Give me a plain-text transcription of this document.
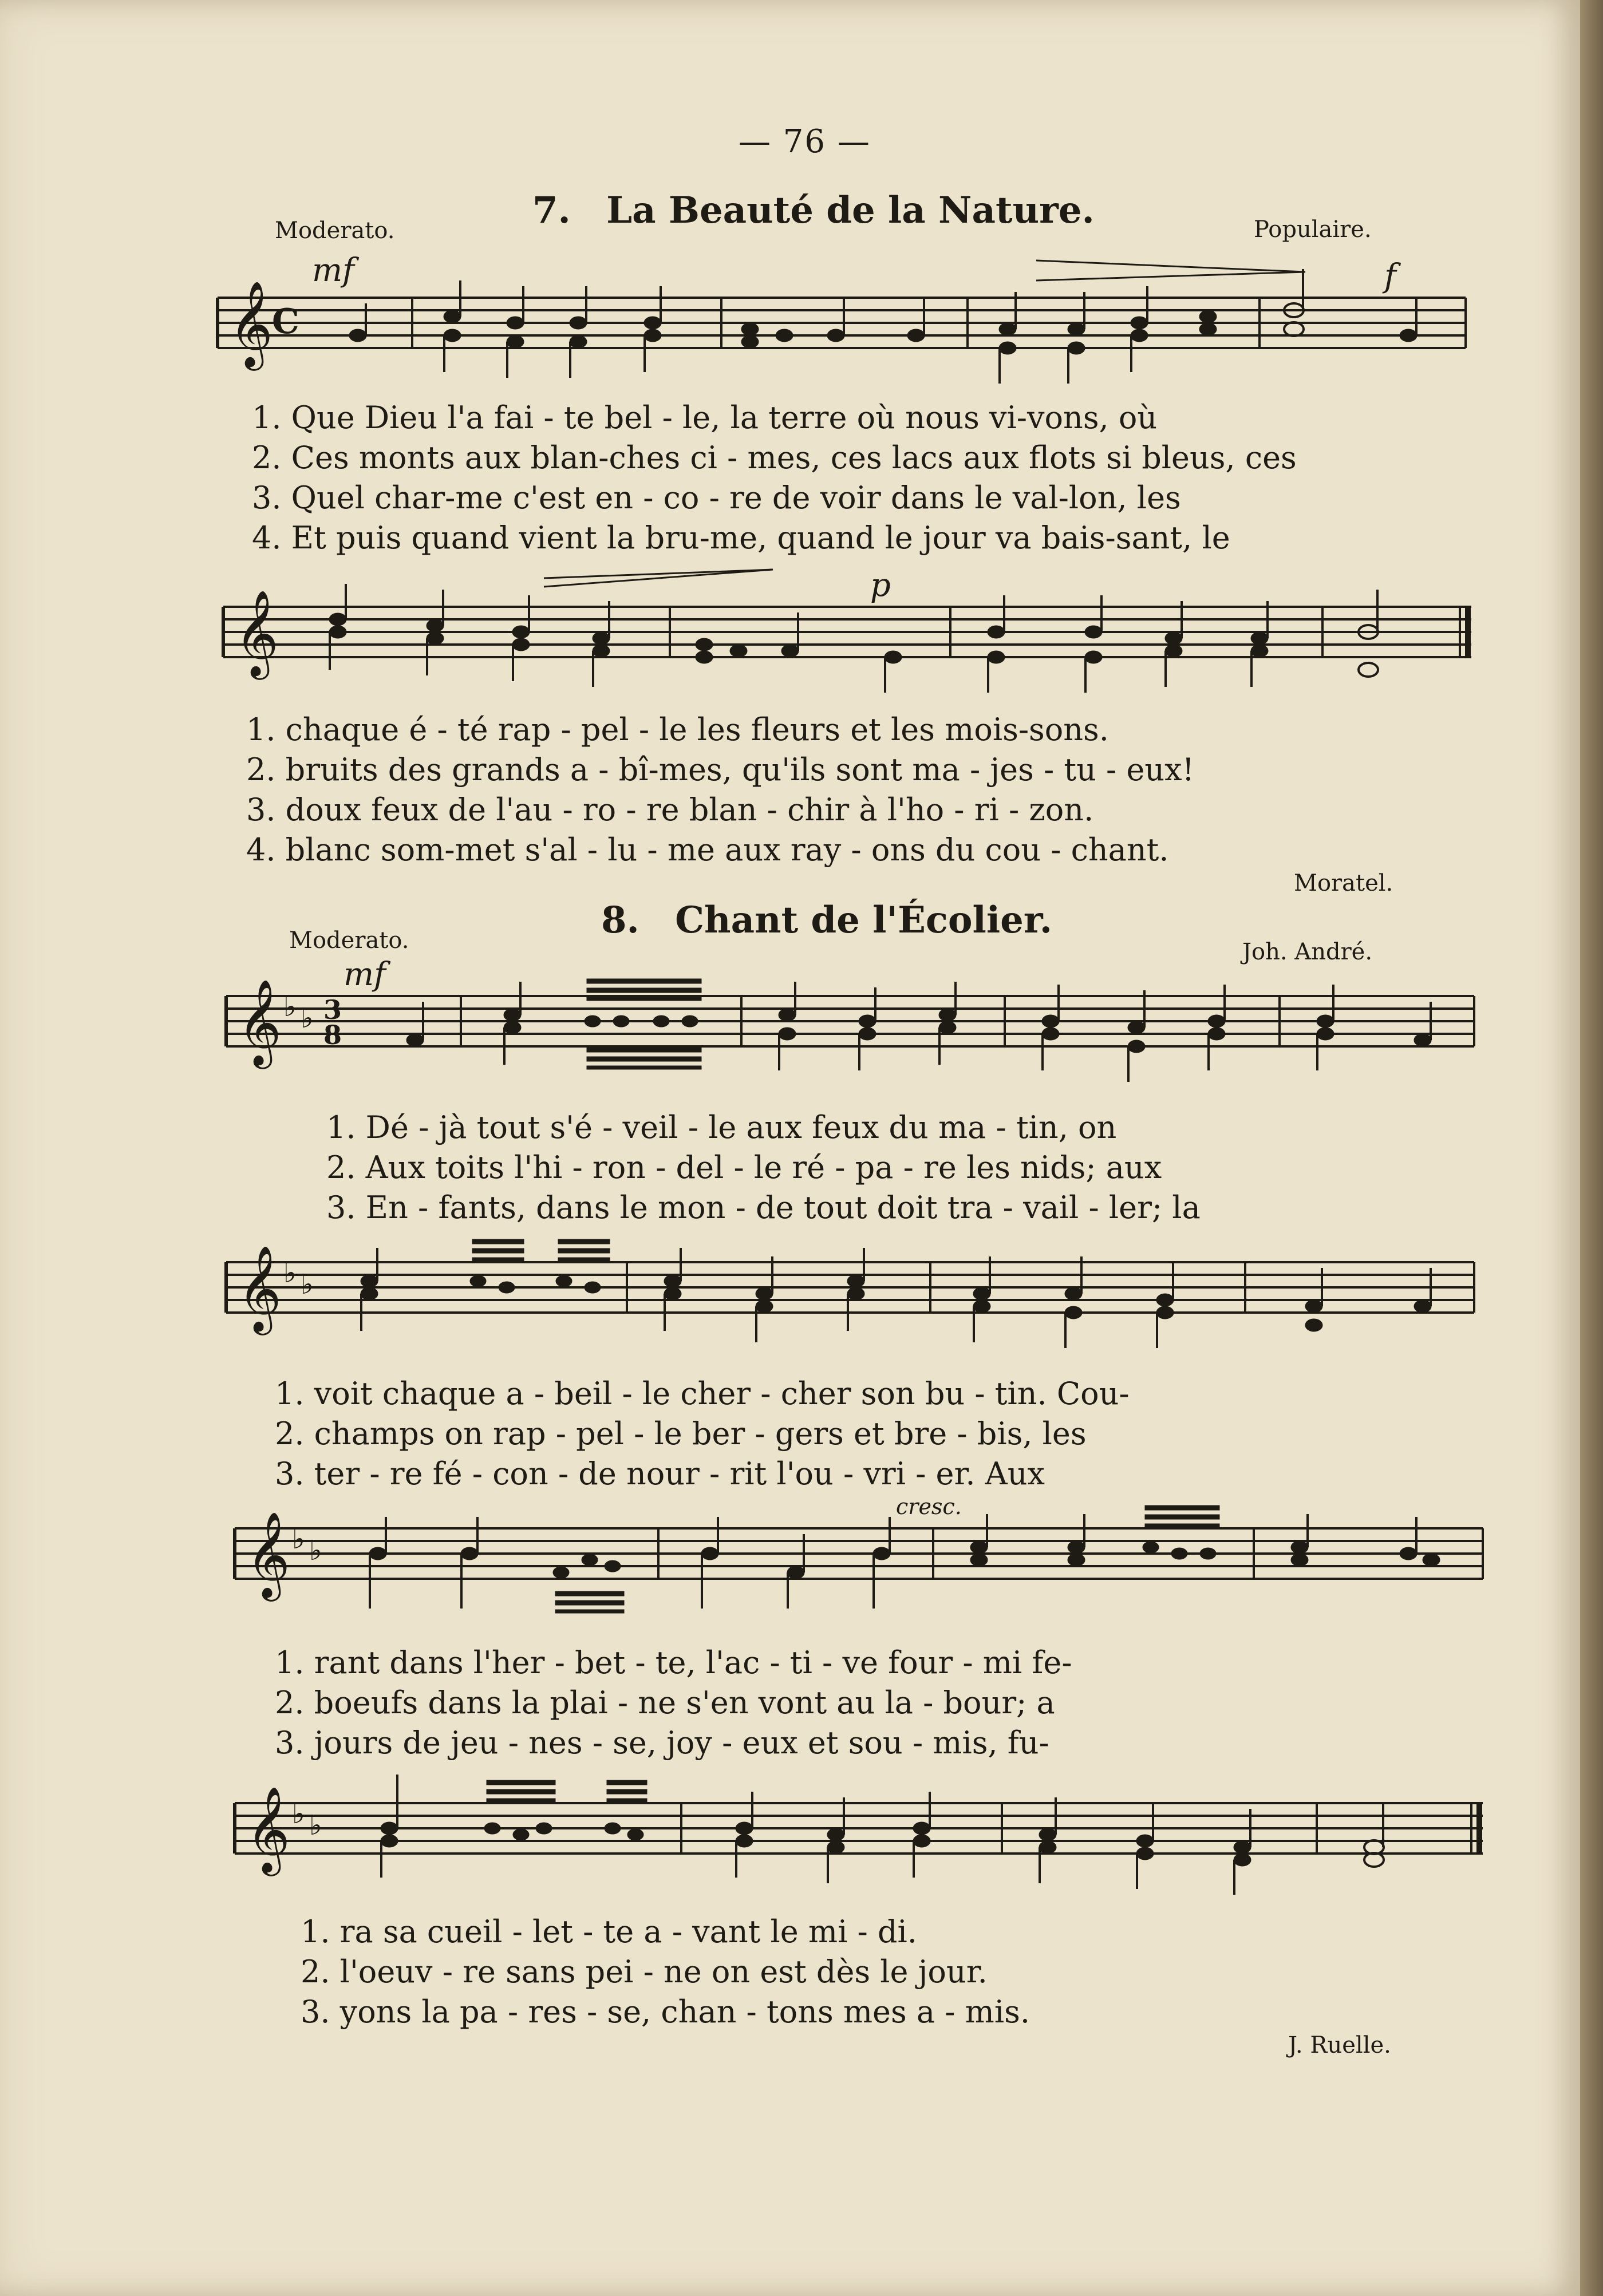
— 76 —
7. La Beauté de la Nature.
Moderato.	Populaire.
mf	f
𝄞
C
1. Que Dieu l'a fai - te bel - le, la terre où nous vi-vons, où
2. Ces monts aux blan-ches ci - mes, ces lacs aux flots si bleus, ces
3. Quel char-me c'est en - co - re de voir dans le val-lon, les
4. Et puis quand vient la bru-me, quand le jour va bais-sant, le
p
𝄞
1. chaque é - té rap - pel - le les fleurs et les mois-sons.
2. bruits des grands a - bî-mes, qu'ils sont ma - jes - tu - eux!
3. doux feux de l'au - ro - re blan - chir à l'ho - ri - zon.
4. blanc som-met s'al - lu - me aux ray - ons du cou - chant.
Moratel.
8. Chant de l'Écolier.
Moderato.	Joh. André.
mf
𝄞 ♭ ♭ 3
8
1. Dé - jà tout s'é - veil - le aux feux du ma - tin, on
2. Aux toits l'hi - ron - del - le ré - pa - re les nids; aux
3. En - fants, dans le mon - de tout doit tra - vail - ler; la
𝄞 ♭ ♭
1. voit chaque a - beil - le cher - cher son bu - tin. Cou-
2. champs on rap - pel - le ber - gers et bre - bis, les
3. ter - re fé - con - de nour - rit l'ou - vri - er. Aux
cresc.
𝄞 ♭ ♭
1. rant dans l'her - bet - te, l'ac - ti - ve four - mi fe-
2. boeufs dans la plai - ne s'en vont au la - bour; a
3. jours de jeu - nes - se, joy - eux et sou - mis, fu-
𝄞 ♭ ♭
1. ra sa cueil - let - te a - vant le mi - di.
2. l'oeuv - re sans pei - ne on est dès le jour.
3. yons la pa - res - se, chan - tons mes a - mis.
J. Ruelle.
